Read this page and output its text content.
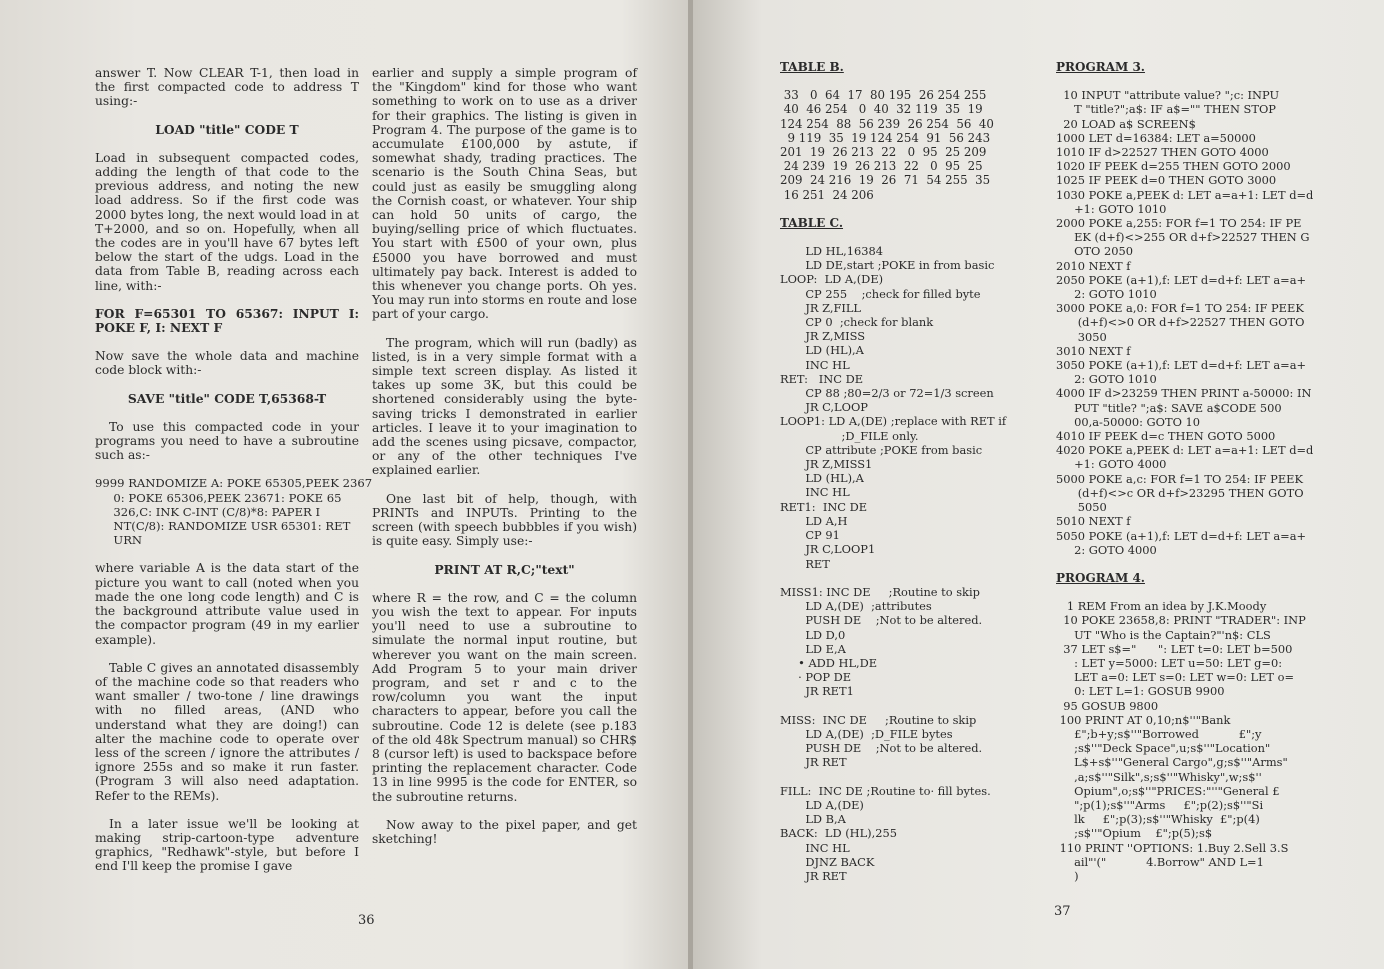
answer T. Now CLEAR T-1, then load in the first compacted code to address T using:-

LOAD "title" CODE T

Load in subsequent compacted codes, adding the length of that code to the previous address, and noting the new load address. So if the first code was 2000 bytes long, the next would load in at T+2000, and so on. Hopefully, when all the codes are in you'll have 67 bytes left below the start of the udgs. Load in the data from Table B, reading across each line, with:-

FOR F=65301 TO 65367: INPUT I: POKE F, I: NEXT F

Now save the whole data and machine code block with:-

SAVE "title" CODE T,65368-T

To use this compacted code in your programs you need to have a subroutine such as:-

9999 RANDOMIZE A: POKE 65305,PEEK 2367
0: POKE 65306,PEEK 23671: POKE 65
326,C: INK C-INT (C/8)*8: PAPER I
NT(C/8): RANDOMIZE USR 65301: RET
URN

where variable A is the data start of the picture you want to call (noted when you made the one long code length) and C is the background attribute value used in the compactor program (49 in my earlier example).

Table C gives an annotated disassembly of the machine code so that readers who want smaller / two-tone / line drawings with no filled areas, (AND who understand what they are doing!) can alter the machine code to operate over less of the screen / ignore the attributes / ignore 255s and so make it run faster. (Program 3 will also need adaptation. Refer to the REMs).

In a later issue we'll be looking at making strip-cartoon-type adventure graphics, "Redhawk"-style, but before I end I'll keep the promise I gave

earlier and supply a simple program of the "Kingdom" kind for those who want something to work on to use as a driver for their graphics. The listing is given in Program 4. The purpose of the game is to accumulate £100,000 by astute, if somewhat shady, trading practices. The scenario is the South China Seas, but could just as easily be smuggling along the Cornish coast, or whatever. Your ship can hold 50 units of cargo, the buying/selling price of which fluctuates. You start with £500 of your own, plus £5000 you have borrowed and must ultimately pay back. Interest is added to this whenever you change ports. Oh yes. You may run into storms en route and lose part of your cargo.

The program, which will run (badly) as listed, is in a very simple format with a simple text screen display. As listed it takes up some 3K, but this could be shortened considerably using the byte-saving tricks I demonstrated in earlier articles. I leave it to your imagination to add the scenes using picsave, compactor, or any of the other techniques I've explained earlier.

One last bit of help, though, with PRINTs and INPUTs. Printing to the screen (with speech bubbbles if you wish) is quite easy. Simply use:-

PRINT AT R,C;"text"

where R = the row, and C = the column you wish the text to appear. For inputs you'll need to use a subroutine to simulate the normal input routine, but wherever you want on the main screen. Add Program 5 to your main driver program, and set r and c to the row/column you want the input characters to appear, before you call the subroutine. Code 12 is delete (see p.183 of the old 48k Spectrum manual) so CHR$ 8 (cursor left) is used to backspace before printing the replacement character. Code 13 in line 9995 is the code for ENTER, so the subroutine returns.

Now away to the pixel paper, and get sketching!

36

TABLE B.

33   0  64  17  80 195  26 254 255
40  46 254   0  40  32 119  35  19
124 254  88  56 239  26 254  56  40
9 119  35  19 124 254  91  56 243
201  19  26 213  22   0  95  25 209
24 239  19  26 213  22   0  95  25
209  24 216  19  26  71  54 255  35
16 251  24 206

TABLE C.

LD HL,16384
LD DE,start ;POKE in from basic
LOOP:  LD A,(DE)
CP 255    ;check for filled byte
JR Z,FILL
CP 0  ;check for blank
JR Z,MISS
LD (HL),A
INC HL
RET:   INC DE
CP 88 ;80=2/3 or 72=1/3 screen
JR C,LOOP
LOOP1: LD A,(DE) ;replace with RET if
;D_FILE only.
CP attribute ;POKE from basic
JR Z,MISS1
LD (HL),A
INC HL
RET1:  INC DE
LD A,H
CP 91
JR C,LOOP1
RET

MISS1: INC DE     ;Routine to skip
LD A,(DE)  ;attributes
PUSH DE    ;Not to be altered.
LD D,0
LD E,A
• ADD HL,DE
· POP DE
JR RET1

MISS:  INC DE     ;Routine to skip
LD A,(DE)  ;D_FILE bytes
PUSH DE    ;Not to be altered.
JR RET

FILL:  INC DE ;Routine to· fill bytes.
LD A,(DE)
LD B,A
BACK:  LD (HL),255
INC HL
DJNZ BACK
JR RET

PROGRAM 3.

10 INPUT "attribute value? ";c: INPU
T "title?";a$: IF a$="" THEN STOP
20 LOAD a$ SCREEN$
1000 LET d=16384: LET a=50000
1010 IF d>22527 THEN GOTO 4000
1020 IF PEEK d=255 THEN GOTO 2000
1025 IF PEEK d=0 THEN GOTO 3000
1030 POKE a,PEEK d: LET a=a+1: LET d=d
+1: GOTO 1010
2000 POKE a,255: FOR f=1 TO 254: IF PE
EK (d+f)<>255 OR d+f>22527 THEN G
OTO 2050
2010 NEXT f
2050 POKE (a+1),f: LET d=d+f: LET a=a+
2: GOTO 1010
3000 POKE a,0: FOR f=1 TO 254: IF PEEK
(d+f)<>0 OR d+f>22527 THEN GOTO
3050
3010 NEXT f
3050 POKE (a+1),f: LET d=d+f: LET a=a+
2: GOTO 1010
4000 IF d>23259 THEN PRINT a-50000: IN
PUT "title? ";a$: SAVE a$CODE 500
00,a-50000: GOTO 10
4010 IF PEEK d=c THEN GOTO 5000
4020 POKE a,PEEK d: LET a=a+1: LET d=d
+1: GOTO 4000
5000 POKE a,c: FOR f=1 TO 254: IF PEEK
(d+f)<>c OR d+f>23295 THEN GOTO
5050
5010 NEXT f
5050 POKE (a+1),f: LET d=d+f: LET a=a+
2: GOTO 4000

PROGRAM 4.

1 REM From an idea by J.K.Moody
10 POKE 23658,8: PRINT "TRADER": INP
UT "Who is the Captain?"'n$: CLS
37 LET s$="      ": LET t=0: LET b=500
: LET y=5000: LET u=50: LET g=0:
LET a=0: LET s=0: LET w=0: LET o=
0: LET L=1: GOSUB 9900
95 GOSUB 9800
100 PRINT AT 0,10;n$''"Bank
£";b+y;s$''"Borrowed           £";y
;s$''"Deck Space",u;s$''"Location"
L$+s$''"General Cargo",g;s$''"Arms"
,a;s$''"Silk",s;s$''"Whisky",w;s$''
Opium",o;s$''"PRICES:"''"General £
";p(1);s$''"Arms     £";p(2);s$''"Si
lk     £";p(3);s$''"Whisky  £";p(4)
;s$''"Opium    £";p(5);s$
110 PRINT ''OPTIONS: 1.Buy 2.Sell 3.S
ail"'("           4.Borrow" AND L=1
)
37
